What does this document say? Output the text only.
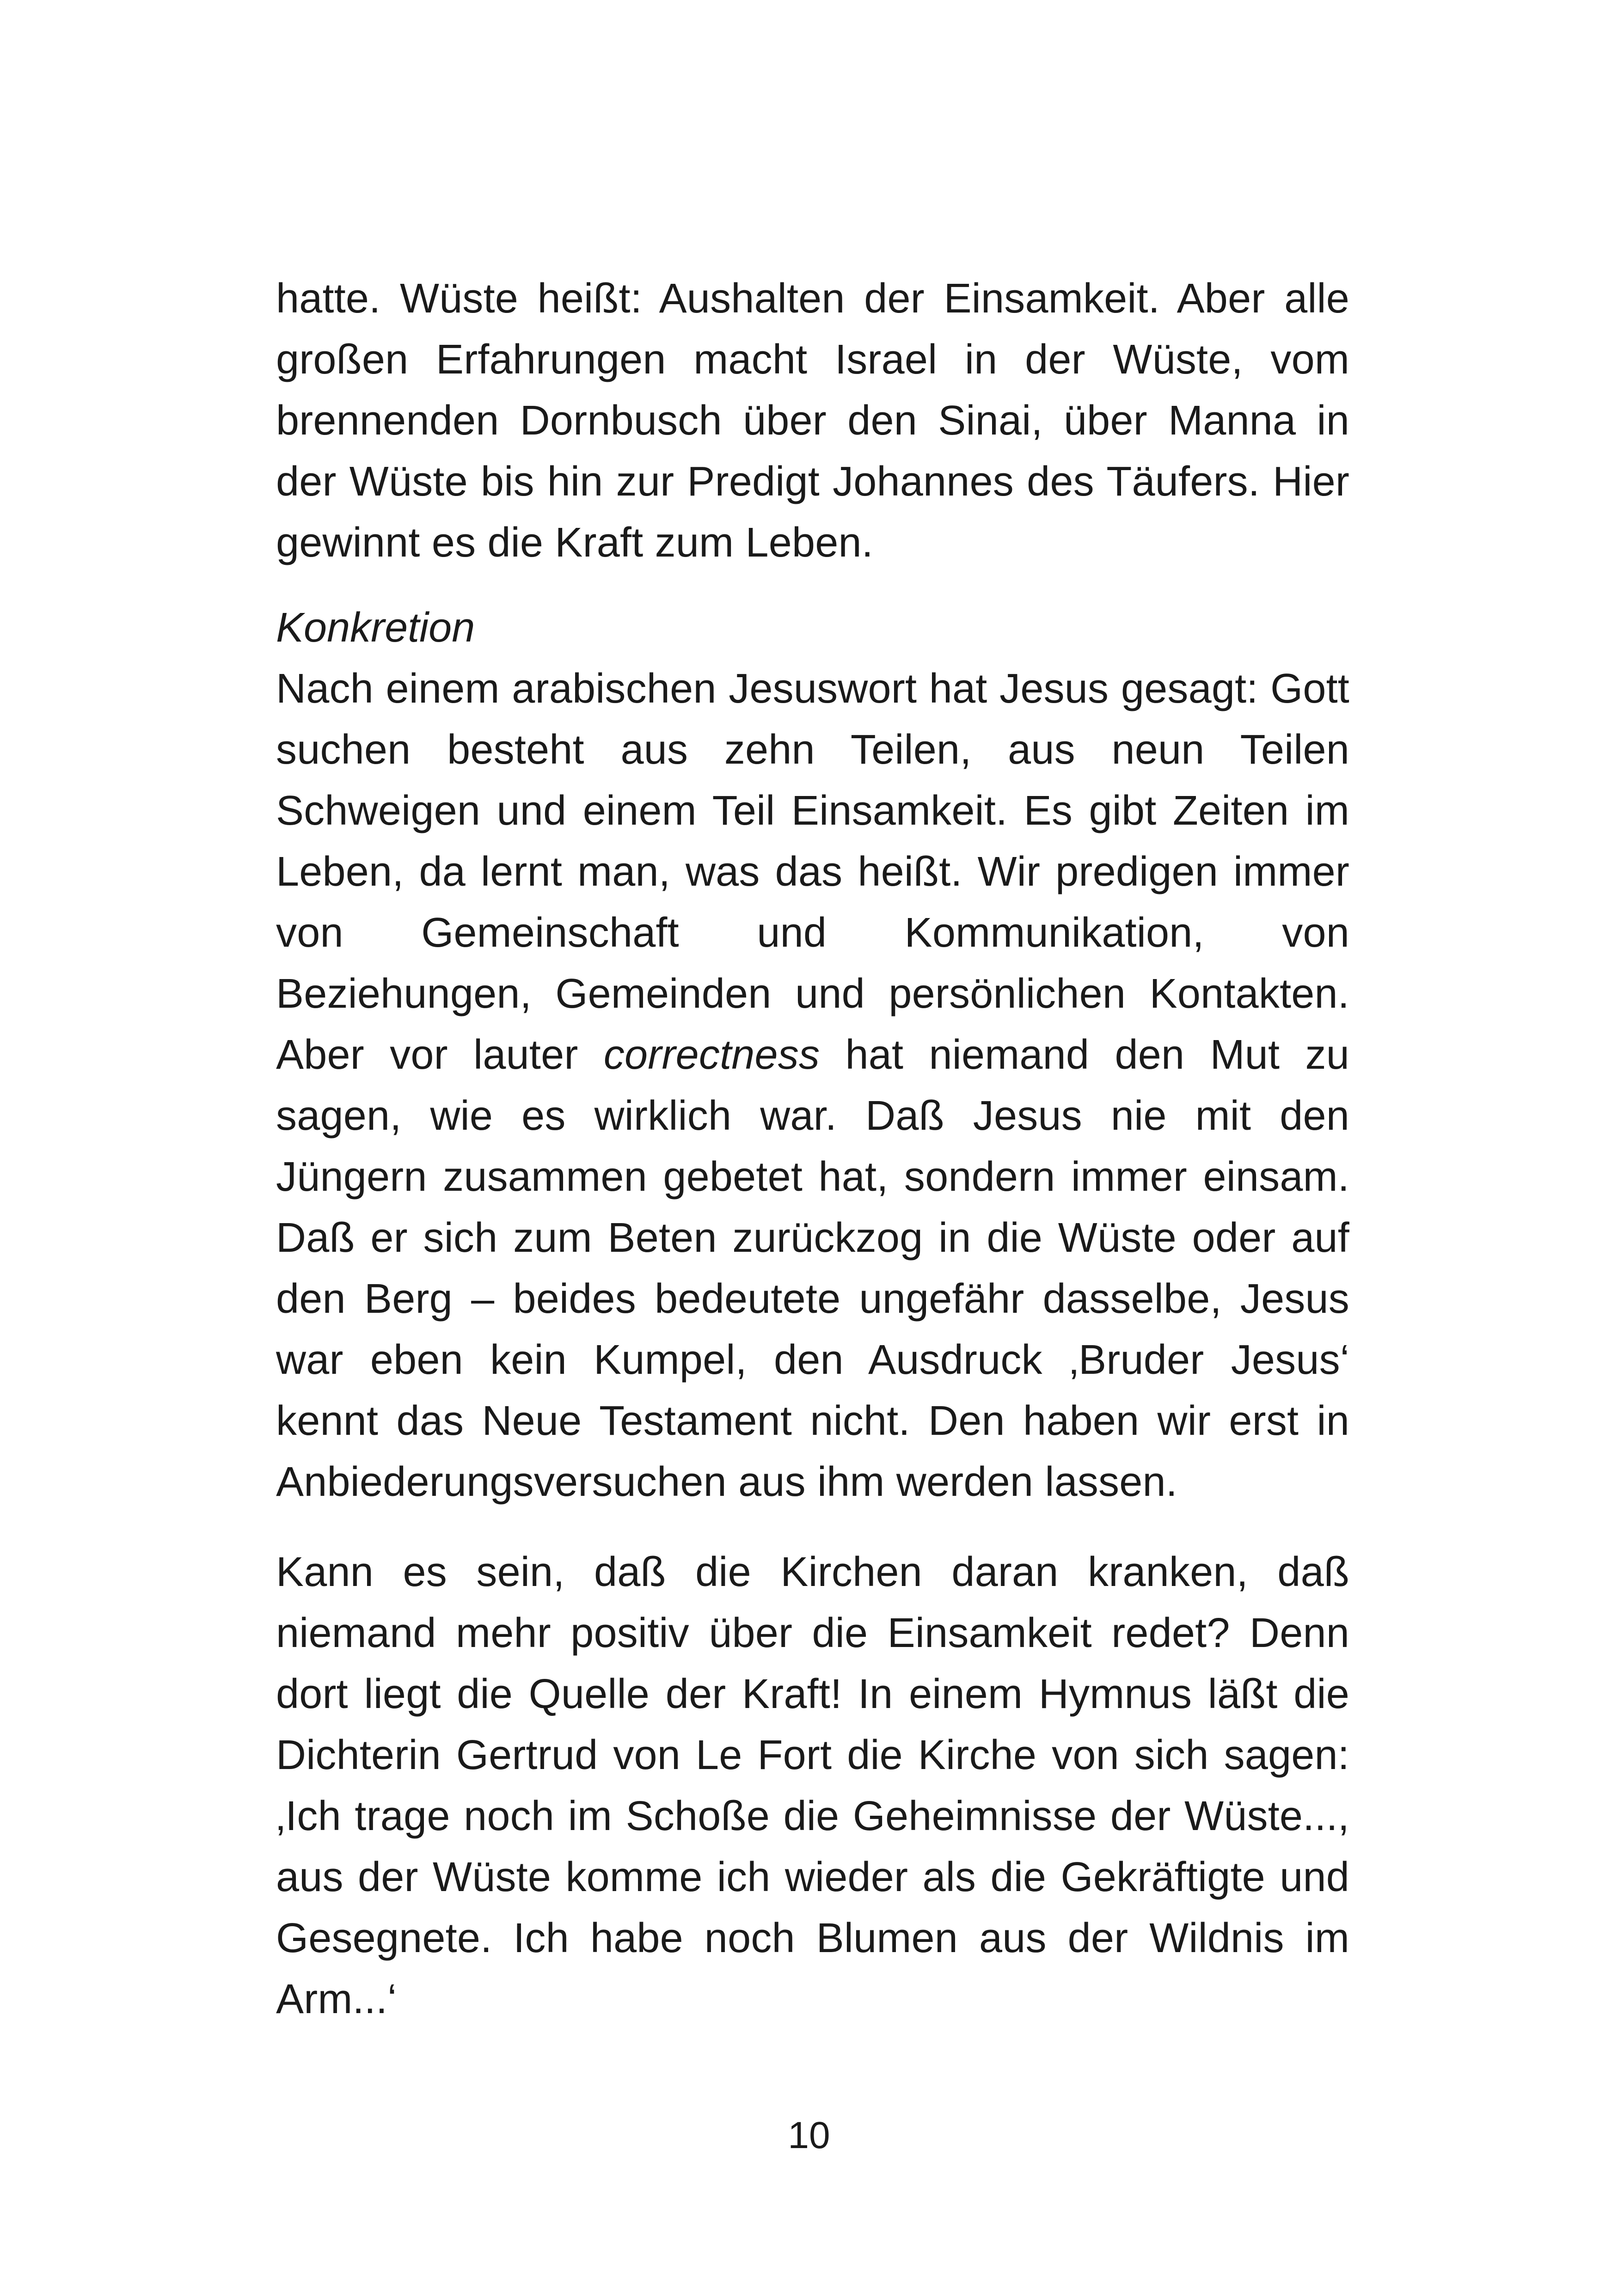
hatte. Wüste heißt: Aushalten der Einsamkeit. Aber alle großen Erfahrungen macht Israel in der Wüste, vom brennenden Dornbusch über den Sinai, über Manna in der Wüste bis hin zur Predigt Johannes des Täufers. Hier gewinnt es die Kraft zum Leben.

Konkretion

Nach einem arabischen Jesuswort hat Jesus gesagt: Gott suchen besteht aus zehn Teilen, aus neun Teilen Schweigen und einem Teil Einsamkeit. Es gibt Zeiten im Leben, da lernt man, was das heißt. Wir predigen immer von Gemeinschaft und Kommunikation, von Beziehungen, Gemeinden und persönlichen Kontakten. Aber vor lauter correctness hat niemand den Mut zu sagen, wie es wirklich war. Daß Jesus nie mit den Jüngern zusammen gebetet hat, sondern immer einsam. Daß er sich zum Beten zurückzog in die Wüste oder auf den Berg – beides bedeutete ungefähr dasselbe, Jesus war eben kein Kumpel, den Ausdruck ‚Bruder Jesus‘ kennt das Neue Testament nicht. Den haben wir erst in Anbiederungsversuchen aus ihm werden lassen.

Kann es sein, daß die Kirchen daran kranken, daß niemand mehr positiv über die Einsamkeit redet? Denn dort liegt die Quelle der Kraft! In einem Hymnus läßt die Dichterin Gertrud von Le Fort die Kirche von sich sagen: ‚Ich trage noch im Schoße die Geheimnisse der Wüste..., aus der Wüste komme ich wieder als die Gekräftigte und Gesegnete. Ich habe noch Blumen aus der Wildnis im Arm...‘

10
